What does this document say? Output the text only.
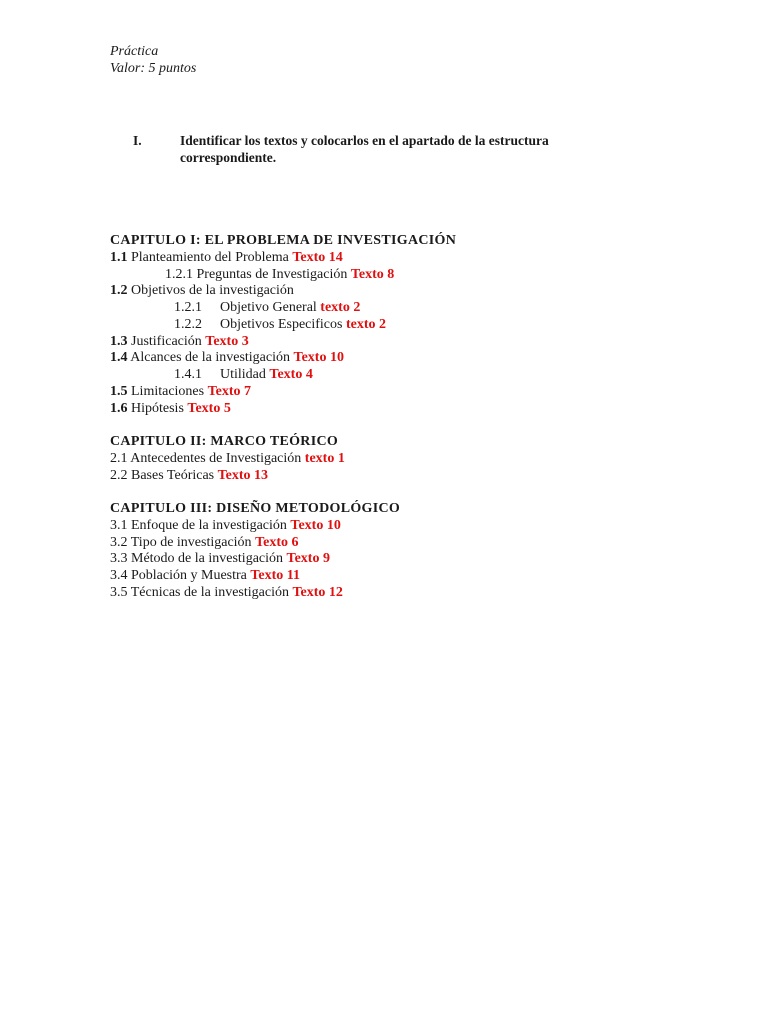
Práctica
Valor: 5 puntos
I.	Identificar los textos y colocarlos en el apartado de la estructura correspondiente.
CAPITULO I: EL PROBLEMA DE INVESTIGACIÓN
1.1 Planteamiento del Problema Texto 14
1.2.1 Preguntas de Investigación Texto 8
1.2 Objetivos de la investigación
1.2.1 Objetivo General texto 2
1.2.2 Objetivos Especificos texto 2
1.3 Justificación Texto 3
1.4 Alcances de la investigación Texto 10
1.4.1 Utilidad Texto 4
1.5 Limitaciones Texto 7
1.6 Hipótesis Texto 5
CAPITULO II: MARCO TEÓRICO
2.1 Antecedentes de Investigación texto 1
2.2 Bases Teóricas Texto 13
CAPITULO III: DISEÑO METODOLÓGICO
3.1 Enfoque de la investigación Texto 10
3.2 Tipo de investigación Texto 6
3.3 Método de la investigación Texto 9
3.4 Población y Muestra Texto 11
3.5 Técnicas de la investigación Texto 12
